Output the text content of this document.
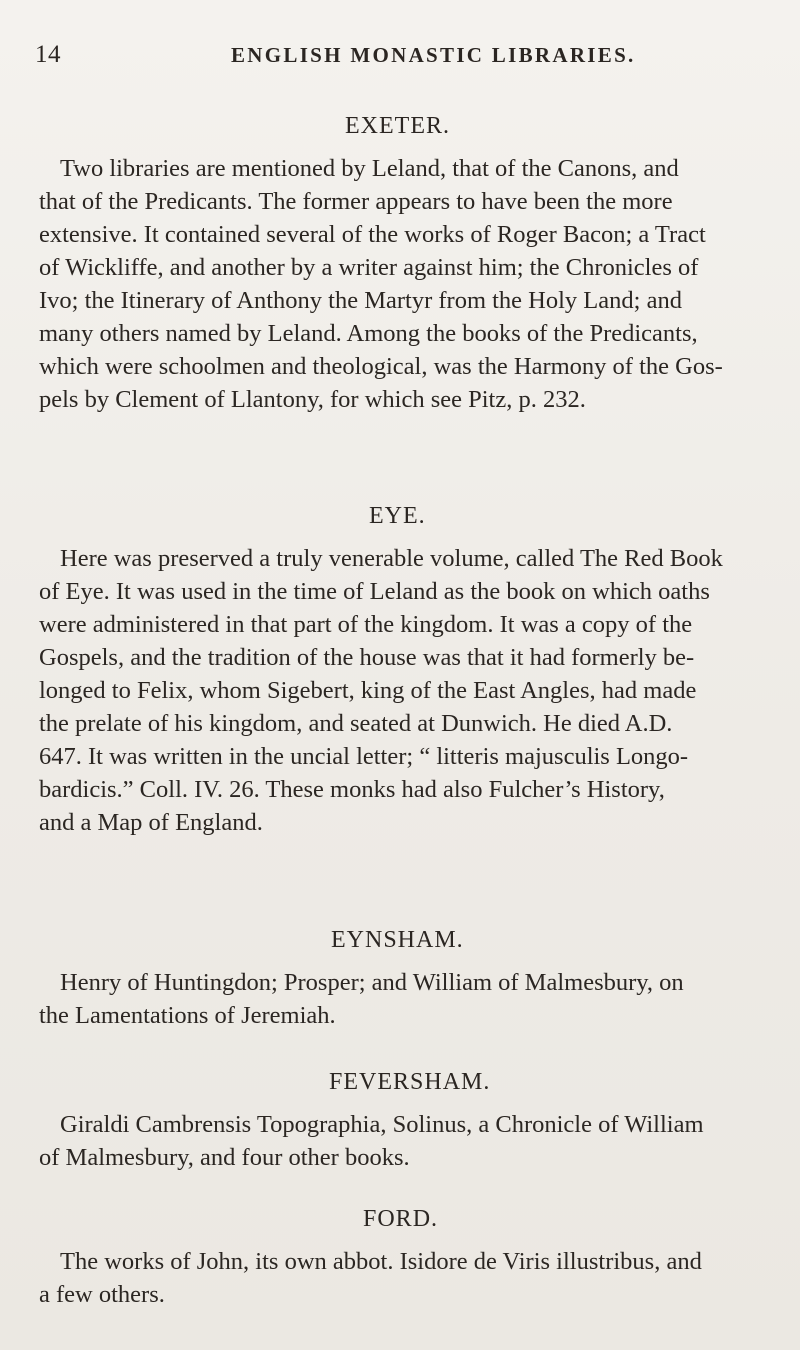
14	ENGLISH MONASTIC LIBRARIES.
EXETER.
Two libraries are mentioned by Leland, that of the Canons, and
that of the Predicants. The former appears to have been the more
extensive. It contained several of the works of Roger Bacon; a Tract
of Wickliffe, and another by a writer against him; the Chronicles of
Ivo; the Itinerary of Anthony the Martyr from the Holy Land; and
many others named by Leland. Among the books of the Predicants,
which were schoolmen and theological, was the Harmony of the Gos-
pels by Clement of Llantony, for which see Pitz, p. 232.
EYE.
Here was preserved a truly venerable volume, called The Red Book
of Eye. It was used in the time of Leland as the book on which oaths
were administered in that part of the kingdom. It was a copy of the
Gospels, and the tradition of the house was that it had formerly be-
longed to Felix, whom Sigebert, king of the East Angles, had made
the prelate of his kingdom, and seated at Dunwich. He died A.D.
647. It was written in the uncial letter; “ litteris majusculis Longo-
bardicis.” Coll. IV. 26. These monks had also Fulcher’s History,
and a Map of England.
EYNSHAM.
Henry of Huntingdon; Prosper; and William of Malmesbury, on
the Lamentations of Jeremiah.
FEVERSHAM.
Giraldi Cambrensis Topographia, Solinus, a Chronicle of William
of Malmesbury, and four other books.
FORD.
The works of John, its own abbot. Isidore de Viris illustribus, and
a few others.
